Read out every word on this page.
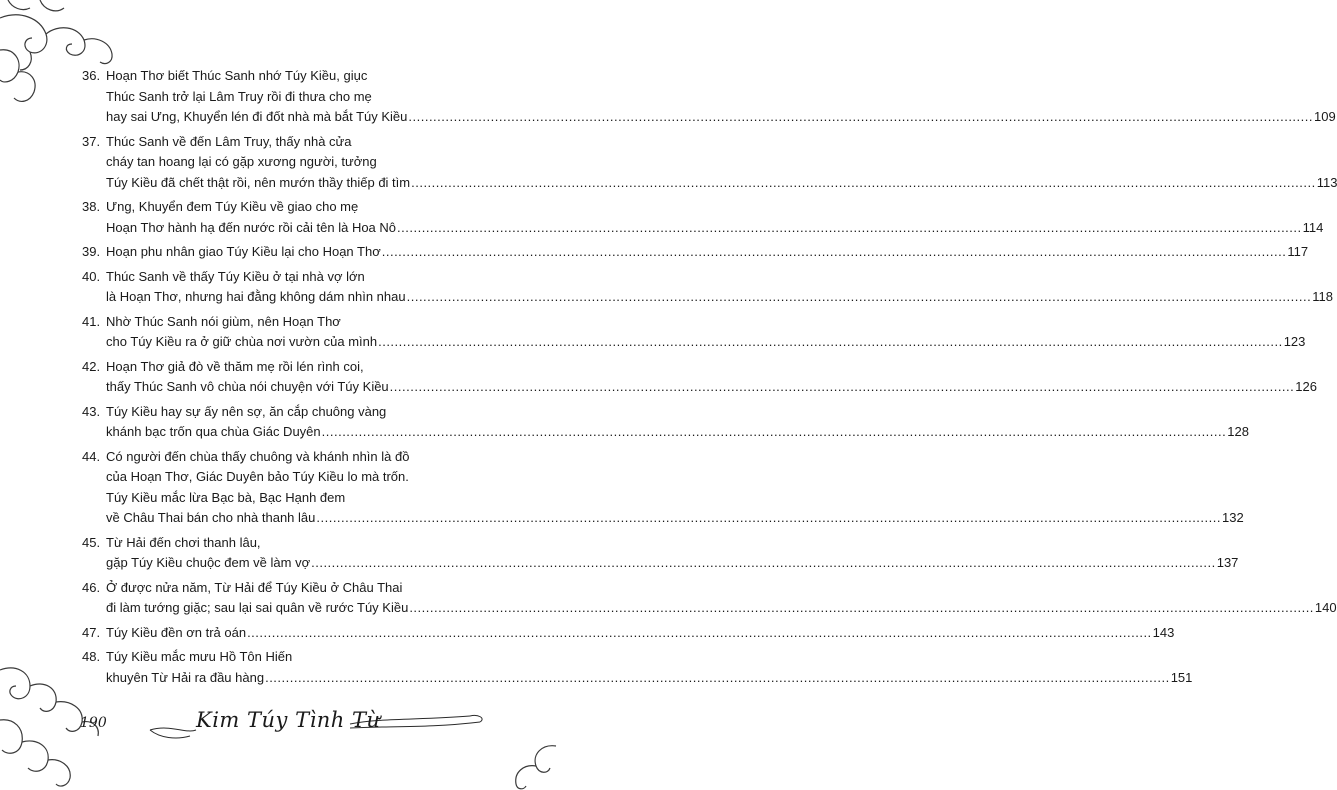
36. Hoạn Thơ biết Thúc Sanh nhớ Túy Kiều, giục
Thúc Sanh trở lại Lâm Truy rồi đi thưa cho mẹ
hay sai Ưng, Khuyển lén đi đốt nhà mà bắt Túy Kiều ............................................................................................................................................................................................................................ 109
37. Thúc Sanh về đến Lâm Truy, thấy nhà cửa
cháy tan hoang lại có gặp xương người, tưởng
Túy Kiều đã chết thật rồi, nên mướn thầy thiếp đi tìm ............................................................................................................................................................................................................................ 113
38. Ưng, Khuyển đem Túy Kiều về giao cho mẹ
Hoạn Thơ hành hạ đến nước rồi cải tên là Hoa Nô ............................................................................................................................................................................................................................ 114
39. Hoạn phu nhân giao Túy Kiều lại cho Hoạn Thơ ............................................................................................................................................................................................................................ 117
40. Thúc Sanh về thấy Túy Kiều ở tại nhà vợ lớn
là Hoạn Thơ, nhưng hai đằng không dám nhìn nhau ............................................................................................................................................................................................................................ 118
41. Nhờ Thúc Sanh nói giùm, nên Hoạn Thơ
cho Túy Kiều ra ở giữ chùa nơi vườn của mình ............................................................................................................................................................................................................................ 123
42. Hoạn Thơ giả đò về thăm mẹ rồi lén rình coi,
thấy Thúc Sanh vô chùa nói chuyện với Túy Kiều ............................................................................................................................................................................................................................ 126
43. Túy Kiều hay sự ấy nên sợ, ăn cắp chuông vàng
khánh bạc trốn qua chùa Giác Duyên ............................................................................................................................................................................................................................ 128
44. Có người đến chùa thấy chuông và khánh nhìn là đồ
của Hoạn Thơ, Giác Duyên bảo Túy Kiều lo mà trốn.
Túy Kiều mắc lừa Bạc bà, Bạc Hạnh đem
về Châu Thai bán cho nhà thanh lâu ............................................................................................................................................................................................................................ 132
45. Từ Hải đến chơi thanh lâu,
gặp Túy Kiều chuộc đem về làm vợ ............................................................................................................................................................................................................................ 137
46. Ở được nửa năm, Từ Hải để Túy Kiều ở Châu Thai
đi làm tướng giặc; sau lại sai quân về rước Túy Kiều ............................................................................................................................................................................................................................ 140
47. Túy Kiều đền ơn trả oán ............................................................................................................................................................................................................................ 143
48. Túy Kiều mắc mưu Hồ Tôn Hiến
khuyên Từ Hải ra đầu hàng ............................................................................................................................................................................................................................ 151
190	Kim Túy Tình Từ
